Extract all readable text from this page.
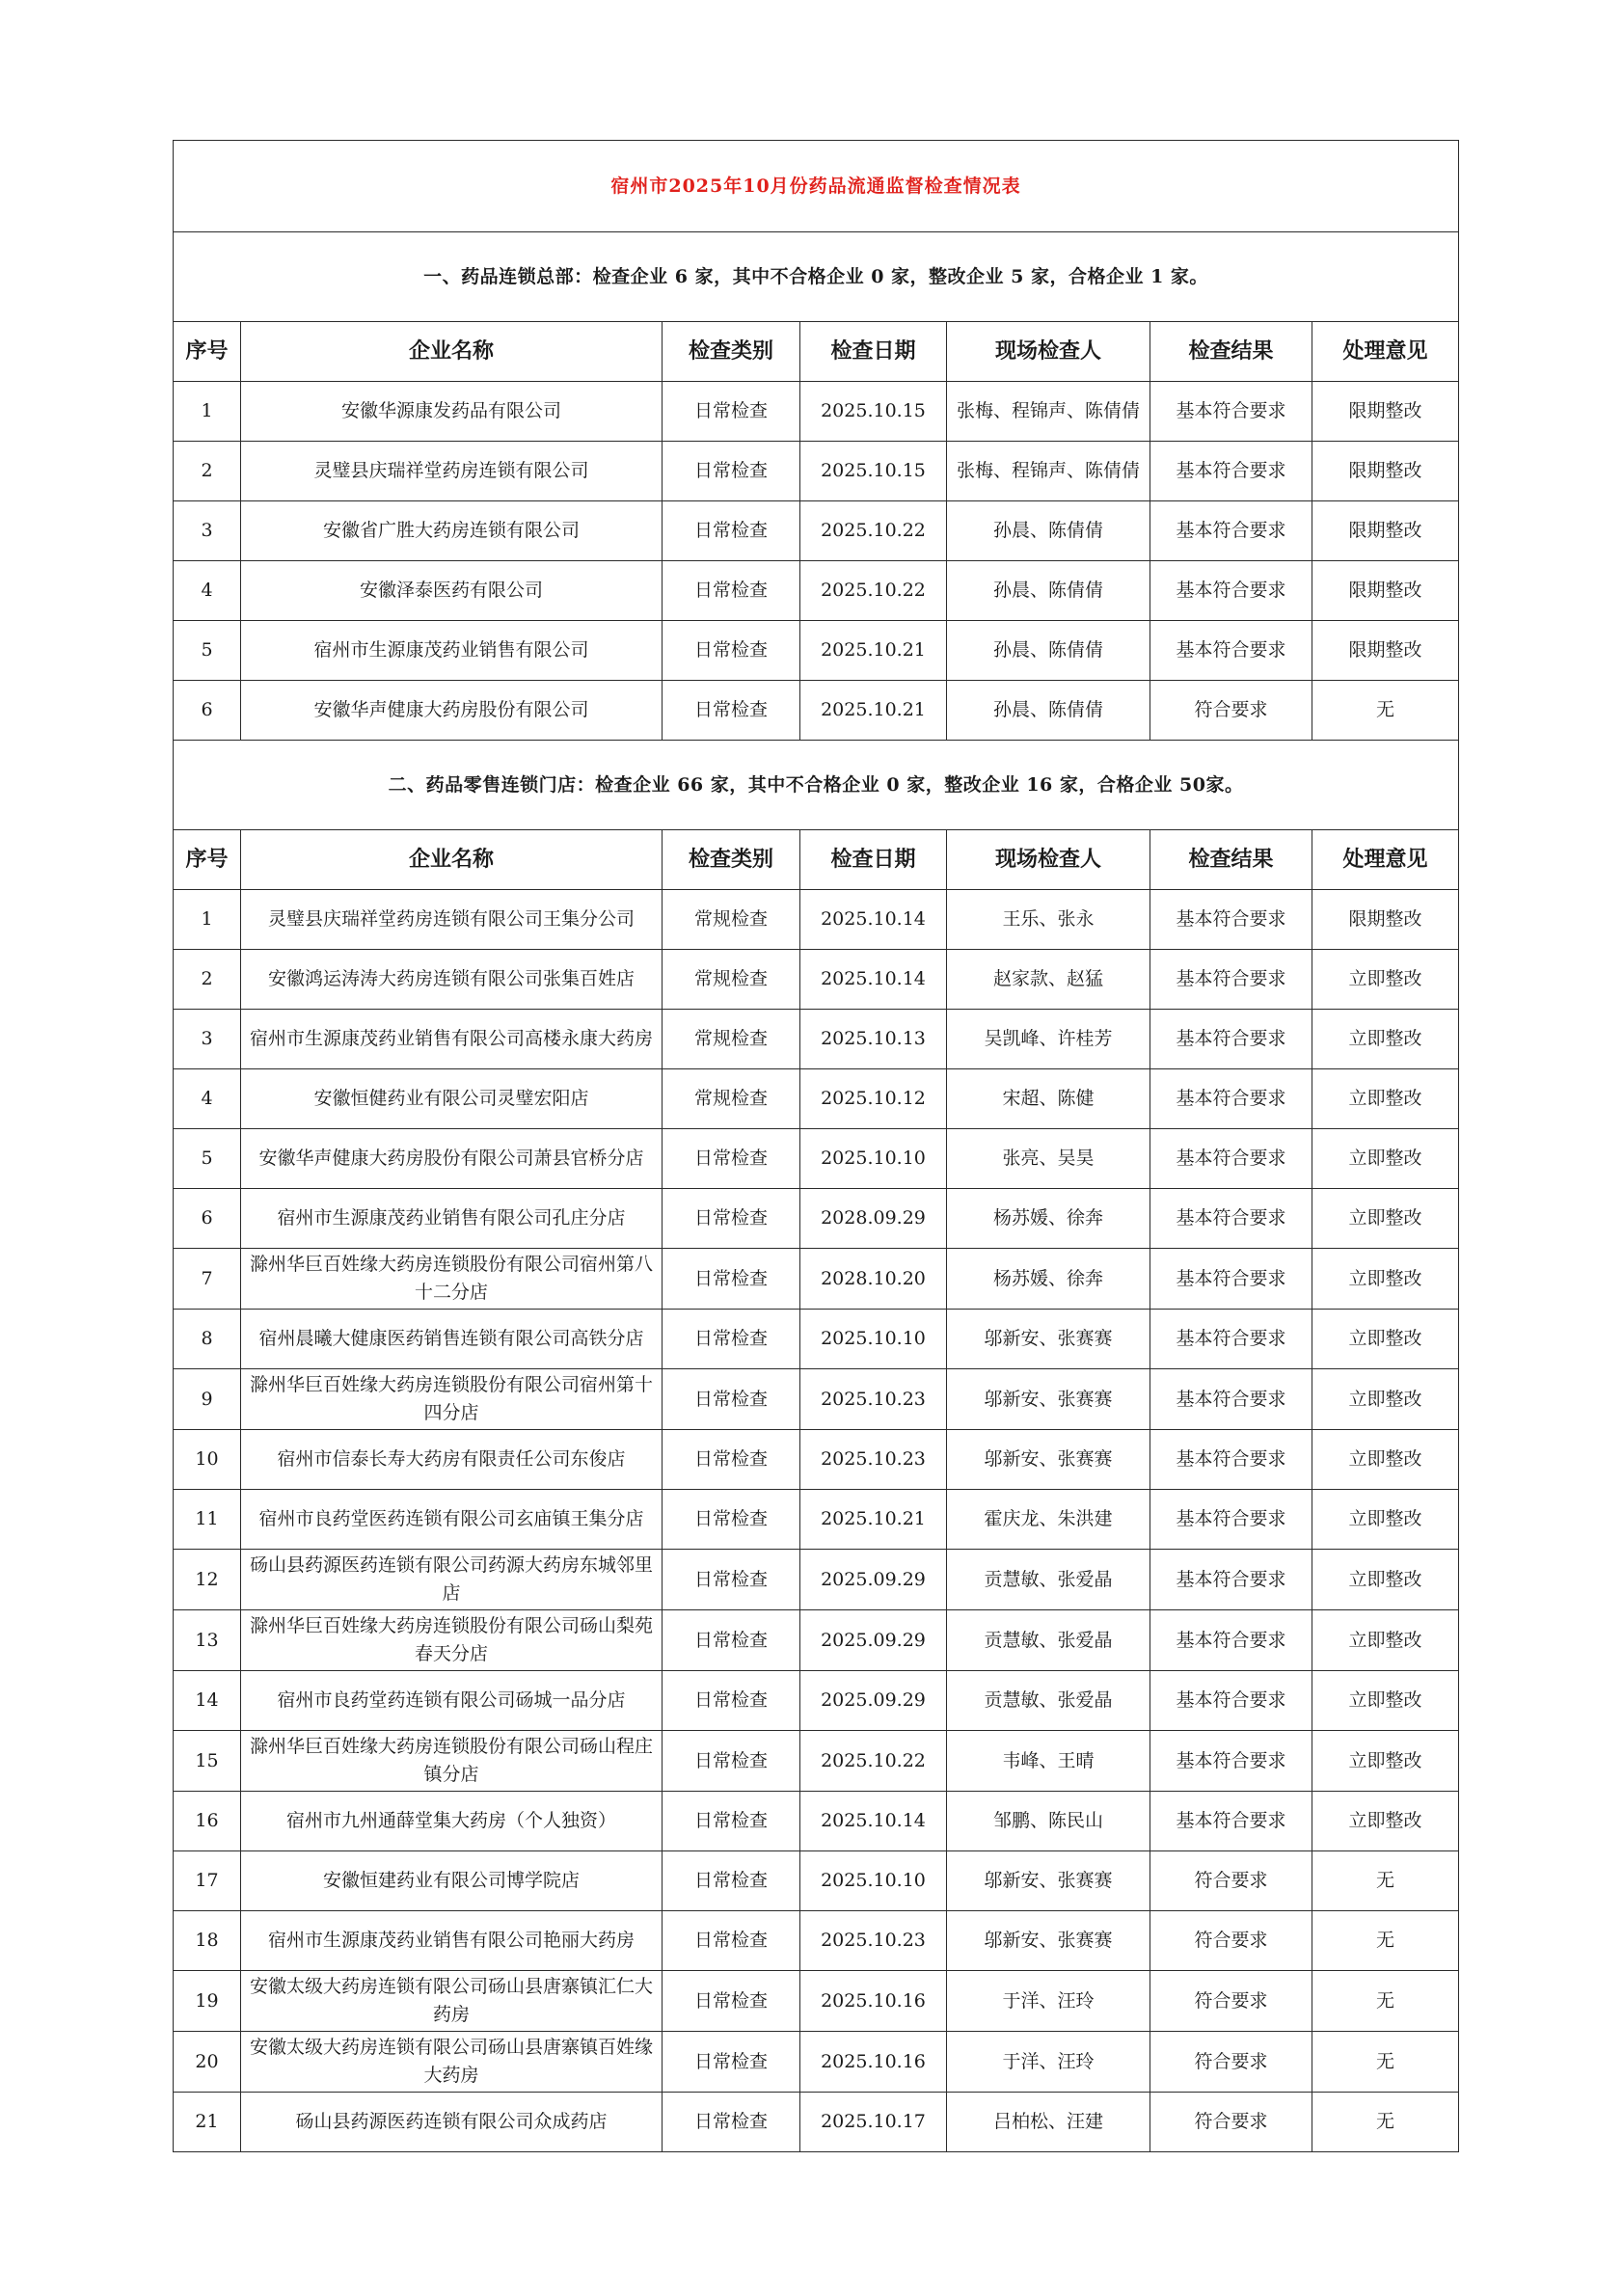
宿州市2025年10月份药品流通监督检查情况表						
一、药品连锁总部：检查企业 6 家，其中不合格企业 0 家，整改企业 5 家，合格企业 1 家。						
序号	企业名称	检查类别	检查日期	现场检查人	检查结果	处理意见
1	安徽华源康发药品有限公司	日常检查	2025.10.15	张梅、程锦声、陈倩倩	基本符合要求	限期整改
2	灵璧县庆瑞祥堂药房连锁有限公司	日常检查	2025.10.15	张梅、程锦声、陈倩倩	基本符合要求	限期整改
3	安徽省广胜大药房连锁有限公司	日常检查	2025.10.22	孙晨、陈倩倩	基本符合要求	限期整改
4	安徽泽泰医药有限公司	日常检查	2025.10.22	孙晨、陈倩倩	基本符合要求	限期整改
5	宿州市生源康茂药业销售有限公司	日常检查	2025.10.21	孙晨、陈倩倩	基本符合要求	限期整改
6	安徽华声健康大药房股份有限公司	日常检查	2025.10.21	孙晨、陈倩倩	符合要求	无
二、药品零售连锁门店：检查企业 66 家，其中不合格企业 0 家，整改企业 16 家，合格企业 50家。						
序号	企业名称	检查类别	检查日期	现场检查人	检查结果	处理意见
1	灵璧县庆瑞祥堂药房连锁有限公司王集分公司	常规检查	2025.10.14	王乐、张永	基本符合要求	限期整改
2	安徽鸿运涛涛大药房连锁有限公司张集百姓店	常规检查	2025.10.14	赵家款、赵猛	基本符合要求	立即整改
3	宿州市生源康茂药业销售有限公司高楼永康大药房	常规检查	2025.10.13	吴凯峰、许桂芳	基本符合要求	立即整改
4	安徽恒健药业有限公司灵璧宏阳店	常规检查	2025.10.12	宋超、陈健	基本符合要求	立即整改
5	安徽华声健康大药房股份有限公司萧县官桥分店	日常检查	2025.10.10	张亮、吴昊	基本符合要求	立即整改
6	宿州市生源康茂药业销售有限公司孔庄分店	日常检查	2028.09.29	杨苏媛、徐奔	基本符合要求	立即整改
7	滁州华巨百姓缘大药房连锁股份有限公司宿州第八十二分店	日常检查	2028.10.20	杨苏媛、徐奔	基本符合要求	立即整改
8	宿州晨曦大健康医药销售连锁有限公司高铁分店	日常检查	2025.10.10	邬新安、张赛赛	基本符合要求	立即整改
9	滁州华巨百姓缘大药房连锁股份有限公司宿州第十四分店	日常检查	2025.10.23	邬新安、张赛赛	基本符合要求	立即整改
10	宿州市信泰长寿大药房有限责任公司东俊店	日常检查	2025.10.23	邬新安、张赛赛	基本符合要求	立即整改
11	宿州市良药堂医药连锁有限公司玄庙镇王集分店	日常检查	2025.10.21	霍庆龙、朱洪建	基本符合要求	立即整改
12	砀山县药源医药连锁有限公司药源大药房东城邻里店	日常检查	2025.09.29	贡慧敏、张爱晶	基本符合要求	立即整改
13	滁州华巨百姓缘大药房连锁股份有限公司砀山梨苑春天分店	日常检查	2025.09.29	贡慧敏、张爱晶	基本符合要求	立即整改
14	宿州市良药堂药连锁有限公司砀城一品分店	日常检查	2025.09.29	贡慧敏、张爱晶	基本符合要求	立即整改
15	滁州华巨百姓缘大药房连锁股份有限公司砀山程庄镇分店	日常检查	2025.10.22	韦峰、王晴	基本符合要求	立即整改
16	宿州市九州通薛堂集大药房（个人独资）	日常检查	2025.10.14	邹鹏、陈民山	基本符合要求	立即整改
17	安徽恒建药业有限公司博学院店	日常检查	2025.10.10	邬新安、张赛赛	符合要求	无
18	宿州市生源康茂药业销售有限公司艳丽大药房	日常检查	2025.10.23	邬新安、张赛赛	符合要求	无
19	安徽太级大药房连锁有限公司砀山县唐寨镇汇仁大药房	日常检查	2025.10.16	于洋、汪玲	符合要求	无
20	安徽太级大药房连锁有限公司砀山县唐寨镇百姓缘大药房	日常检查	2025.10.16	于洋、汪玲	符合要求	无
21	砀山县药源医药连锁有限公司众成药店	日常检查	2025.10.17	吕柏松、汪建	符合要求	无
